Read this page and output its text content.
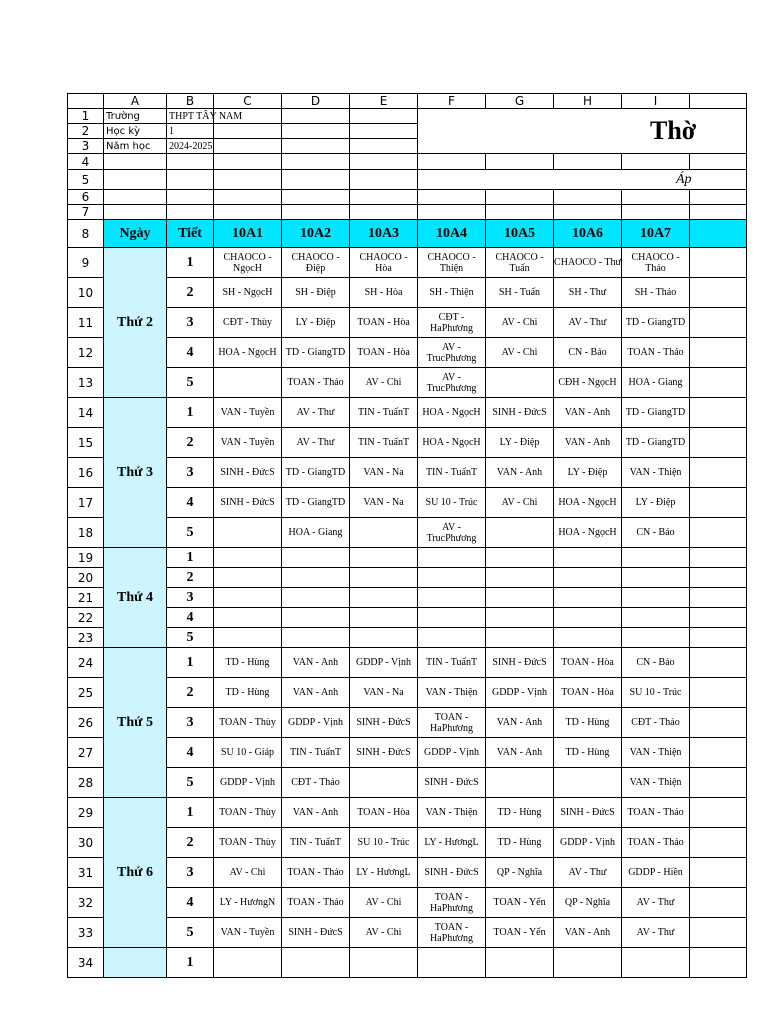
	A	B	C	D	E	F	G	H	I	
1	Trường	THPT TÂY NAM				Thờ				
2	Học kỳ	1								
3	Năm học	2024-2025								
4										
5						Áp				
6										
7										
8	Ngày	Tiết	10A1	10A2	10A3	10A4	10A5	10A6	10A7	
9	Thứ 2	1	CHAOCO - NgọcH	CHAOCO - Điệp	CHAOCO - Hòa	CHAOCO - Thiện	CHAOCO - Tuấn	CHAOCO - Thư	CHAOCO - Thảo	
10		2	SH - NgọcH	SH - Điệp	SH - Hòa	SH - Thiện	SH - Tuấn	SH - Thư	SH - Thảo	
11		3	CĐT - Thùy	LY - Điệp	TOAN - Hòa	CĐT - HaPhương	AV - Chi	AV - Thư	TD - GiangTD	
12		4	HOA - NgọcH	TD - GiangTD	TOAN - Hòa	AV - TrucPhương	AV - Chi	CN - Bảo	TOAN - Thảo	
13		5		TOAN - Thảo	AV - Chi	AV - TrucPhương		CĐH - NgọcH	HOA - Giang	
14	Thứ 3	1	VAN - Tuyền	AV - Thư	TIN - TuấnT	HOA - NgọcH	SINH - ĐứcS	VAN - Anh	TD - GiangTD	
15		2	VAN - Tuyền	AV - Thư	TIN - TuấnT	HOA - NgọcH	LY - Điệp	VAN - Anh	TD - GiangTD	
16		3	SINH - ĐứcS	TD - GiangTD	VAN - Na	TIN - TuấnT	VAN - Anh	LY - Điệp	VAN - Thiện	
17		4	SINH - ĐứcS	TD - GiangTD	VAN - Na	SU 10 - Trúc	AV - Chi	HOA - NgọcH	LY - Điệp	
18		5		HOA - Giang		AV - TrucPhương		HOA - NgọcH	CN - Bảo	
19	Thứ 4	1								
20		2								
21		3								
22		4								
23		5								
24	Thứ 5	1	TD - Hùng	VAN - Anh	GDDP - Vịnh	TIN - TuấnT	SINH - ĐứcS	TOAN - Hòa	CN - Bảo	
25		2	TD - Hùng	VAN - Anh	VAN - Na	VAN - Thiện	GDDP - Vịnh	TOAN - Hòa	SU 10 - Trúc	
26		3	TOAN - Thùy	GDDP - Vịnh	SINH - ĐứcS	TOAN - HaPhương	VAN - Anh	TD - Hùng	CĐT - Thảo	
27		4	SU 10 - Giáp	TIN - TuấnT	SINH - ĐứcS	GDDP - Vịnh	VAN - Anh	TD - Hùng	VAN - Thiện	
28		5	GDDP - Vịnh	CĐT - Thảo		SINH - ĐứcS			VAN - Thiện	
29	Thứ 6	1	TOAN - Thùy	VAN - Anh	TOAN - Hòa	VAN - Thiện	TD - Hùng	SINH - ĐứcS	TOAN - Thảo	
30		2	TOAN - Thùy	TIN - TuấnT	SU 10 - Trúc	LY - HươngL	TD - Hùng	GDDP - Vịnh	TOAN - Thảo	
31		3	AV - Chi	TOAN - Thảo	LY - HươngL	SINH - ĐứcS	QP - Nghĩa	AV - Thư	GDDP - Hiền	
32		4	LY - HươngN	TOAN - Thảo	AV - Chi	TOAN - HaPhương	TOAN - Yến	QP - Nghĩa	AV - Thư	
33		5	VAN - Tuyền	SINH - ĐứcS	AV - Chi	TOAN - HaPhương	TOAN - Yến	VAN - Anh	AV - Thư	
34		1								
